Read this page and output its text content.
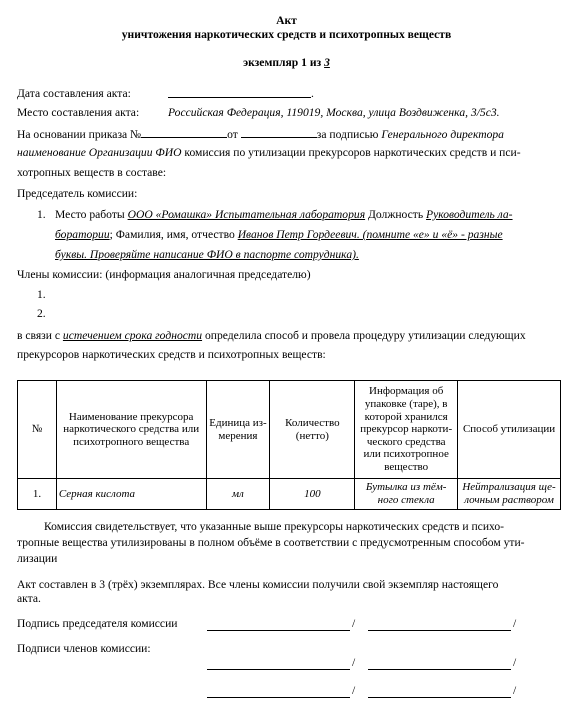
Акт
уничтожения наркотических средств и психотропных веществ
экземпляр 1 из 3
Дата составления акта:	.
Место составления акта: Российская Федерация, 119019, Москва, улица Воздвиженка, 3/5с3.
На основании приказа №	от	за подписью Генерального директора
наименование Организации ФИО комиссия по утилизации прекурсоров наркотических средств и пси-
хотропных веществ в составе:
Председатель комиссии:
1. Место работы ООО «Ромашка» Испытательная лаборатория Должность Руководитель ла-
боратории; Фамилия, имя, отчество Иванов Петр Гордеевич. (помните «е» и «ё» - разные
буквы. Проверяйте написание ФИО в паспорте сотрудника).
Члены комиссии: (информация аналогичная председателю)
1.
2.
в связи с истечением срока годности определила способ и провела процедуру утилизации следующих
прекурсоров наркотических средств и психотропных веществ:
№	Наименование прекурсора наркотического средства или психотропного вещества	Единица из-мерения	Количество (нетто)	Информация об упаковке (таре), в которой хранился прекурсор наркоти-ческого средства или психотропное вещество	Способ утилизации
1.	Серная кислота	мл	100	Бутылка из тём-ного стекла	Нейтрализация ще-лочным раствором
Комиссия свидетельствует, что указанные выше прекурсоры наркотических средств и психо-
тропные вещества утилизированы в полном объёме в соответствии с предусмотренным способом ути-
лизации
Акт составлен в 3 (трёх) экземплярах. Все члены комиссии получили свой экземпляр настоящего
акта.
Подпись председателя комиссии	/	/
Подписи членов комиссии:
/	/
/	/
